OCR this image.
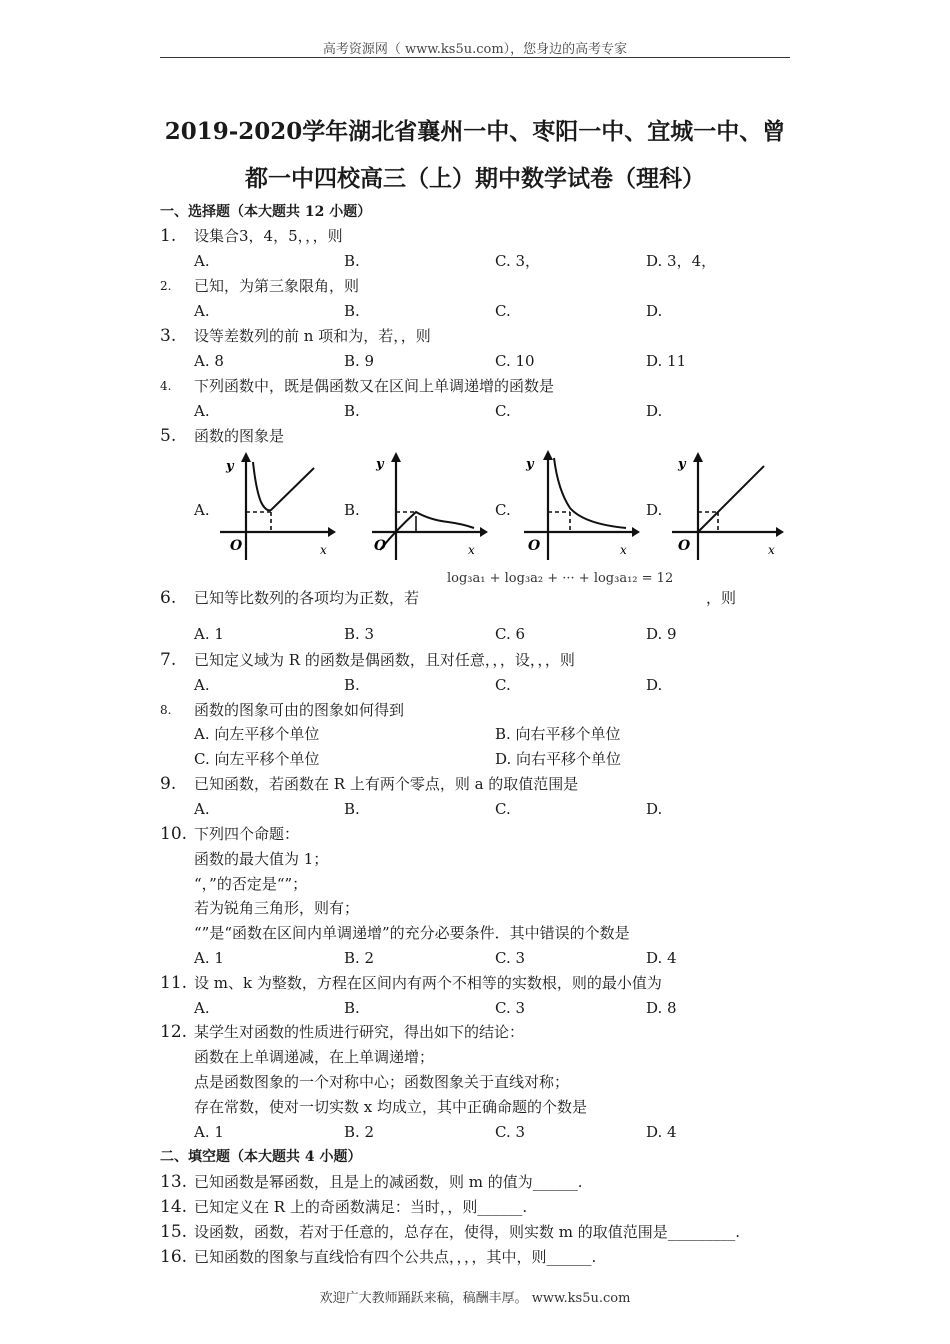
高考资源网（ www.ks5u.com），您身边的高考专家
2019-2020学年湖北省襄州一中、枣阳一中、宜城一中、曾
都一中四校高三（上）期中数学试卷（理科）
一、选择题（本大题共 12 小题）
1. 设集合3，4，5，，，则
A.	B.	C. 3，	D. 3，4，
2. 已知，为第三象限角，则
A.	B.	C.	D.
3. 设等差数列的前 n 项和为，若，，则
A. 8	B. 9	C. 10	D. 11
4. 下列函数中，既是偶函数又在区间上单调递增的函数是
A.	B.	C.	D.
5. 函数的图象是
A.	B.	C.	D.
y
x
O
y
x
O
y
x
O
y
x
O
log₃a₁ + log₃a₂ + ··· + log₃a₁₂ = 12
6. 已知等比数列的各项均为正数，若	，则
A. 1	B. 3	C. 6	D. 9
7. 已知定义域为 R 的函数是偶函数，且对任意，，，设，，，则
A.	B.	C.	D.
8. 函数的图象可由的图象如何得到
A. 向左平移个单位	B. 向右平移个单位
C. 向左平移个单位	D. 向右平移个单位
9. 已知函数，若函数在 R 上有两个零点，则 a 的取值范围是
A.	B.	C.	D.
10. 下列四个命题：
函数的最大值为 1；
“，”的否定是“”；
若为锐角三角形，则有；
“”是“函数在区间内单调递增”的充分必要条件．其中错误的个数是
A. 1	B. 2	C. 3	D. 4
11. 设 m、k 为整数，方程在区间内有两个不相等的实数根，则的最小值为
A.	B.	C. 3	D. 8
12. 某学生对函数的性质进行研究，得出如下的结论：
函数在上单调递减，在上单调递增；
点是函数图象的一个对称中心；函数图象关于直线对称；
存在常数，使对一切实数 x 均成立，其中正确命题的个数是
A. 1	B. 2	C. 3	D. 4
二、填空题（本大题共 4 小题）
13. 已知函数是幂函数，且是上的减函数，则 m 的值为______.
14. 已知定义在 R 上的奇函数满足：当时，，则______.
15. 设函数，函数，若对于任意的，总存在，使得，则实数 m 的取值范围是_________.
16. 已知函数的图象与直线恰有四个公共点，，，，其中，则______.
欢迎广大教师踊跃来稿，稿酬丰厚。 www.ks5u.com
